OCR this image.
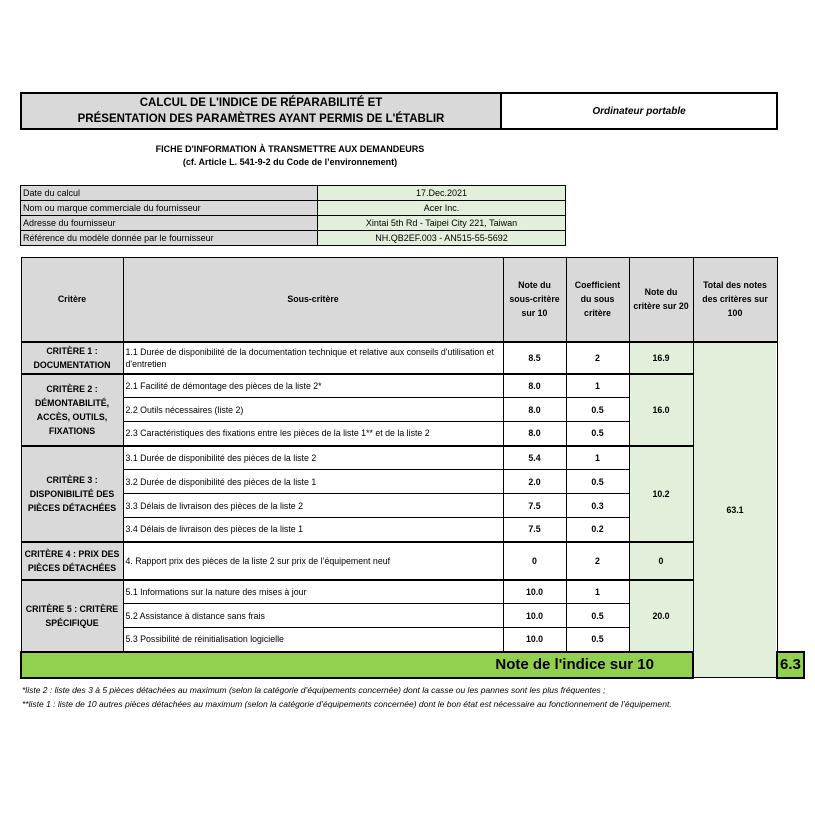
CALCUL DE L'INDICE DE RÉPARABILITÉ ET
PRÉSENTATION DES PARAMÈTRES AYANT PERMIS DE L'ÉTABLIR
Ordinateur portable
FICHE D'INFORMATION À TRANSMETTRE AUX DEMANDEURS
(cf. Article L. 541-9-2 du Code de l’environnement)
Date du calcul	17.Dec.2021
Nom ou marque commerciale du fournisseur	Acer Inc.
Adresse du fournisseur	Xintai 5th Rd - Taipei City 221, Taiwan
Référence du modèle donnée par le fournisseur	NH.QB2EF.003 - AN515-55-5692
Critère	Sous-critère	Note du sous-critère sur 10	Coefficient du sous critère	Note du critère sur 20	Total des notes des critères sur 100	
CRITÈRE 1 : DOCUMENTATION	1.1 Durée de disponibilité de la documentation technique et relative aux conseils d'utilisation et d'entretien	8.5	2	16.9	63.1	
CRITÈRE 2 : DÉMONTABILITÉ, ACCÈS, OUTILS, FIXATIONS	2.1 Facilité de démontage des pièces de la liste 2*	8.0	1	16.0		
	2.2 Outils nécessaires (liste 2)	8.0	0.5			
	2.3 Caractéristiques des fixations entre les pièces de la liste 1** et de la liste 2	8.0	0.5			
CRITÈRE 3 : DISPONIBILITÉ DES PIÈCES DÉTACHÉES	3.1 Durée de disponibilité des pièces de la liste 2	5.4	1	10.2		
	3.2 Durée de disponibilité des pièces de la liste 1	2.0	0.5			
	3.3 Délais de livraison des pièces de la liste 2	7.5	0.3			
	3.4 Délais de livraison des pièces de la liste 1	7.5	0.2			
CRITÈRE 4 : PRIX DES PIÈCES DÉTACHÉES	4. Rapport prix des pièces de la liste 2 sur prix de l’équipement neuf	0	2	0		
CRITÈRE 5 : CRITÈRE SPÉCIFIQUE	5.1 Informations sur la nature des mises à jour	10.0	1	20.0		
	5.2 Assistance à distance sans frais	10.0	0.5			
	5.3 Possibilité de réinitialisation logicielle	10.0	0.5			
Note de l'indice sur 10						6.3
*liste 2 : liste des 3 à 5 pièces détachées au maximum (selon la catégorie d’équipements concernée) dont la casse ou les pannes sont les plus fréquentes ;
**liste 1 : liste de 10 autres pièces détachées au maximum (selon la catégorie d’équipements concernée) dont le bon état est nécessaire au fonctionnement de l’équipement.
